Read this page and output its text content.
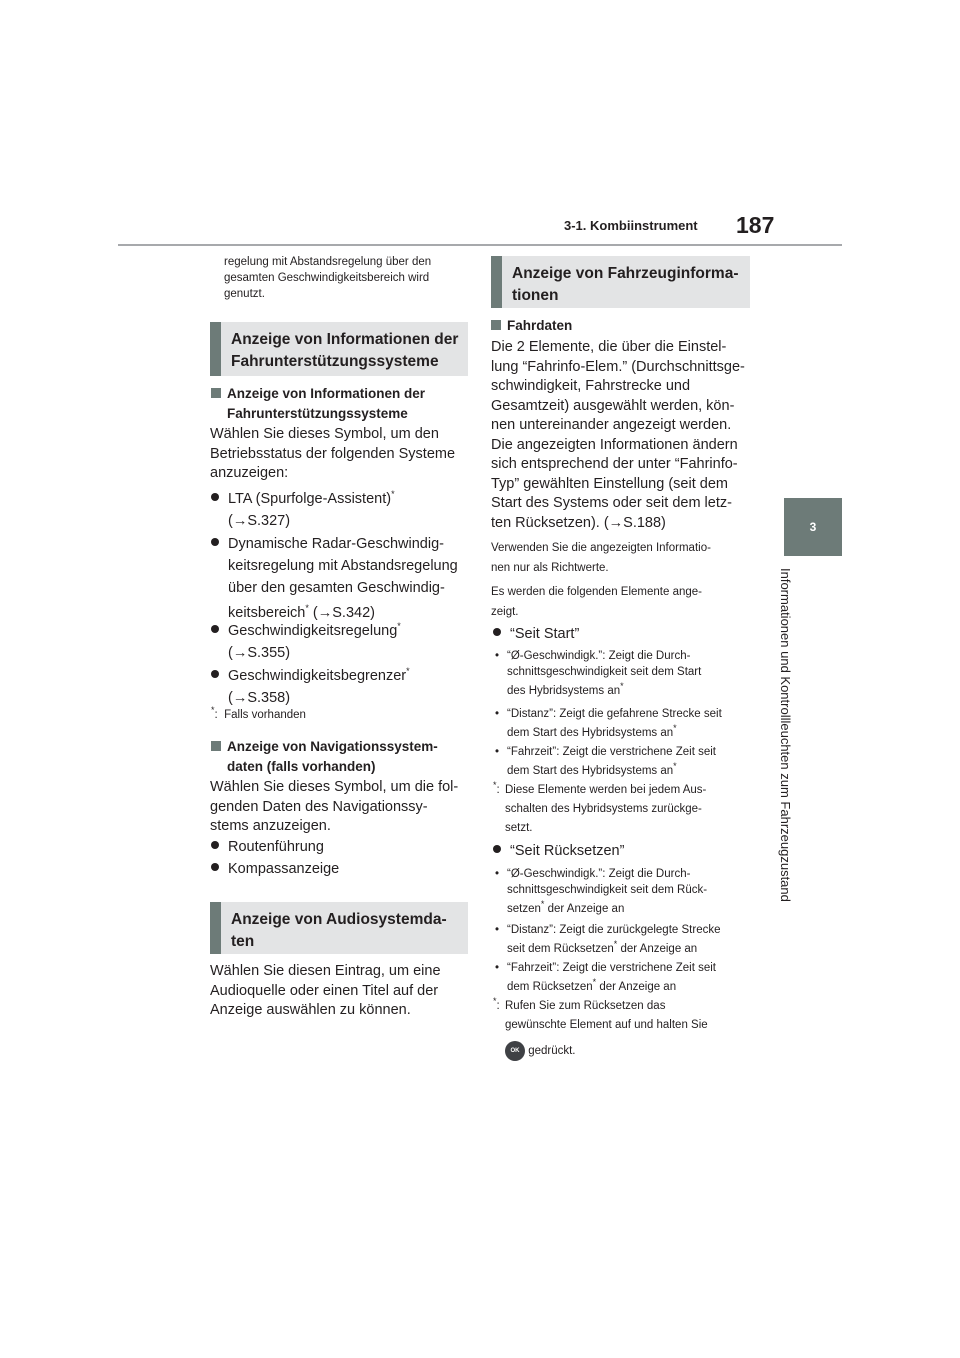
3-1. Kombiinstrument 187
3
Informationen und Kontrollleuchten zum Fahrzeugzustand
regelung mit Abstandsregelung über den
gesamten Geschwindigkeitsbereich wird
genutzt.
Anzeige von Informationen der
Fahrunterstützungssysteme
Anzeige von Informationen der
Fahrunterstützungssysteme
Wählen Sie dieses Symbol, um den
Betriebsstatus der folgenden Systeme
anzuzeigen:
LTA (Spurfolge-Assistent)*
(→S.327)
Dynamische Radar-Geschwindig-
keitsregelung mit Abstandsregelung
über den gesamten Geschwindig-
keitsbereich* (→S.342)
Geschwindigkeitsregelung*
(→S.355)
Geschwindigkeitsbegrenzer*
(→S.358)
*:  Falls vorhanden
Anzeige von Navigationssystem-
daten (falls vorhanden)
Wählen Sie dieses Symbol, um die fol-
genden Daten des Navigationssy-
stems anzuzeigen.
Routenführung
Kompassanzeige
Anzeige von Audiosystemda-
ten
Wählen Sie diesen Eintrag, um eine
Audioquelle oder einen Titel auf der
Anzeige auswählen zu können.
Anzeige von Fahrzeuginforma-
tionen
Fahrdaten
Die 2 Elemente, die über die Einstel-
lung “Fahrinfo-Elem.” (Durchschnittsge-
schwindigkeit, Fahrstrecke und
Gesamtzeit) ausgewählt werden, kön-
nen untereinander angezeigt werden.
Die angezeigten Informationen ändern
sich entsprechend der unter “Fahrinfo-
Typ” gewählten Einstellung (seit dem
Start des Systems oder seit dem letz-
ten Rücksetzen). (→S.188)
Verwenden Sie die angezeigten Informatio-
nen nur als Richtwerte.
Es werden die folgenden Elemente ange-
zeigt.
“Seit Start”
• “Ø-Geschwindigk.”: Zeigt die Durch-
schnittsgeschwindigkeit seit dem Start
des Hybridsystems an*
• “Distanz”: Zeigt die gefahrene Strecke seit
dem Start des Hybridsystems an*
• “Fahrzeit”: Zeigt die verstrichene Zeit seit
dem Start des Hybridsystems an*
*: Diese Elemente werden bei jedem Aus-
schalten des Hybridsystems zurückge-
setzt.
“Seit Rücksetzen”
• “Ø-Geschwindigk.”: Zeigt die Durch-
schnittsgeschwindigkeit seit dem Rück-
setzen* der Anzeige an
• “Distanz”: Zeigt die zurückgelegte Strecke
seit dem Rücksetzen* der Anzeige an
• “Fahrzeit”: Zeigt die verstrichene Zeit seit
dem Rücksetzen* der Anzeige an
*: Rufen Sie zum Rücksetzen das
gewünschte Element auf und halten Sie
OK gedrückt.
